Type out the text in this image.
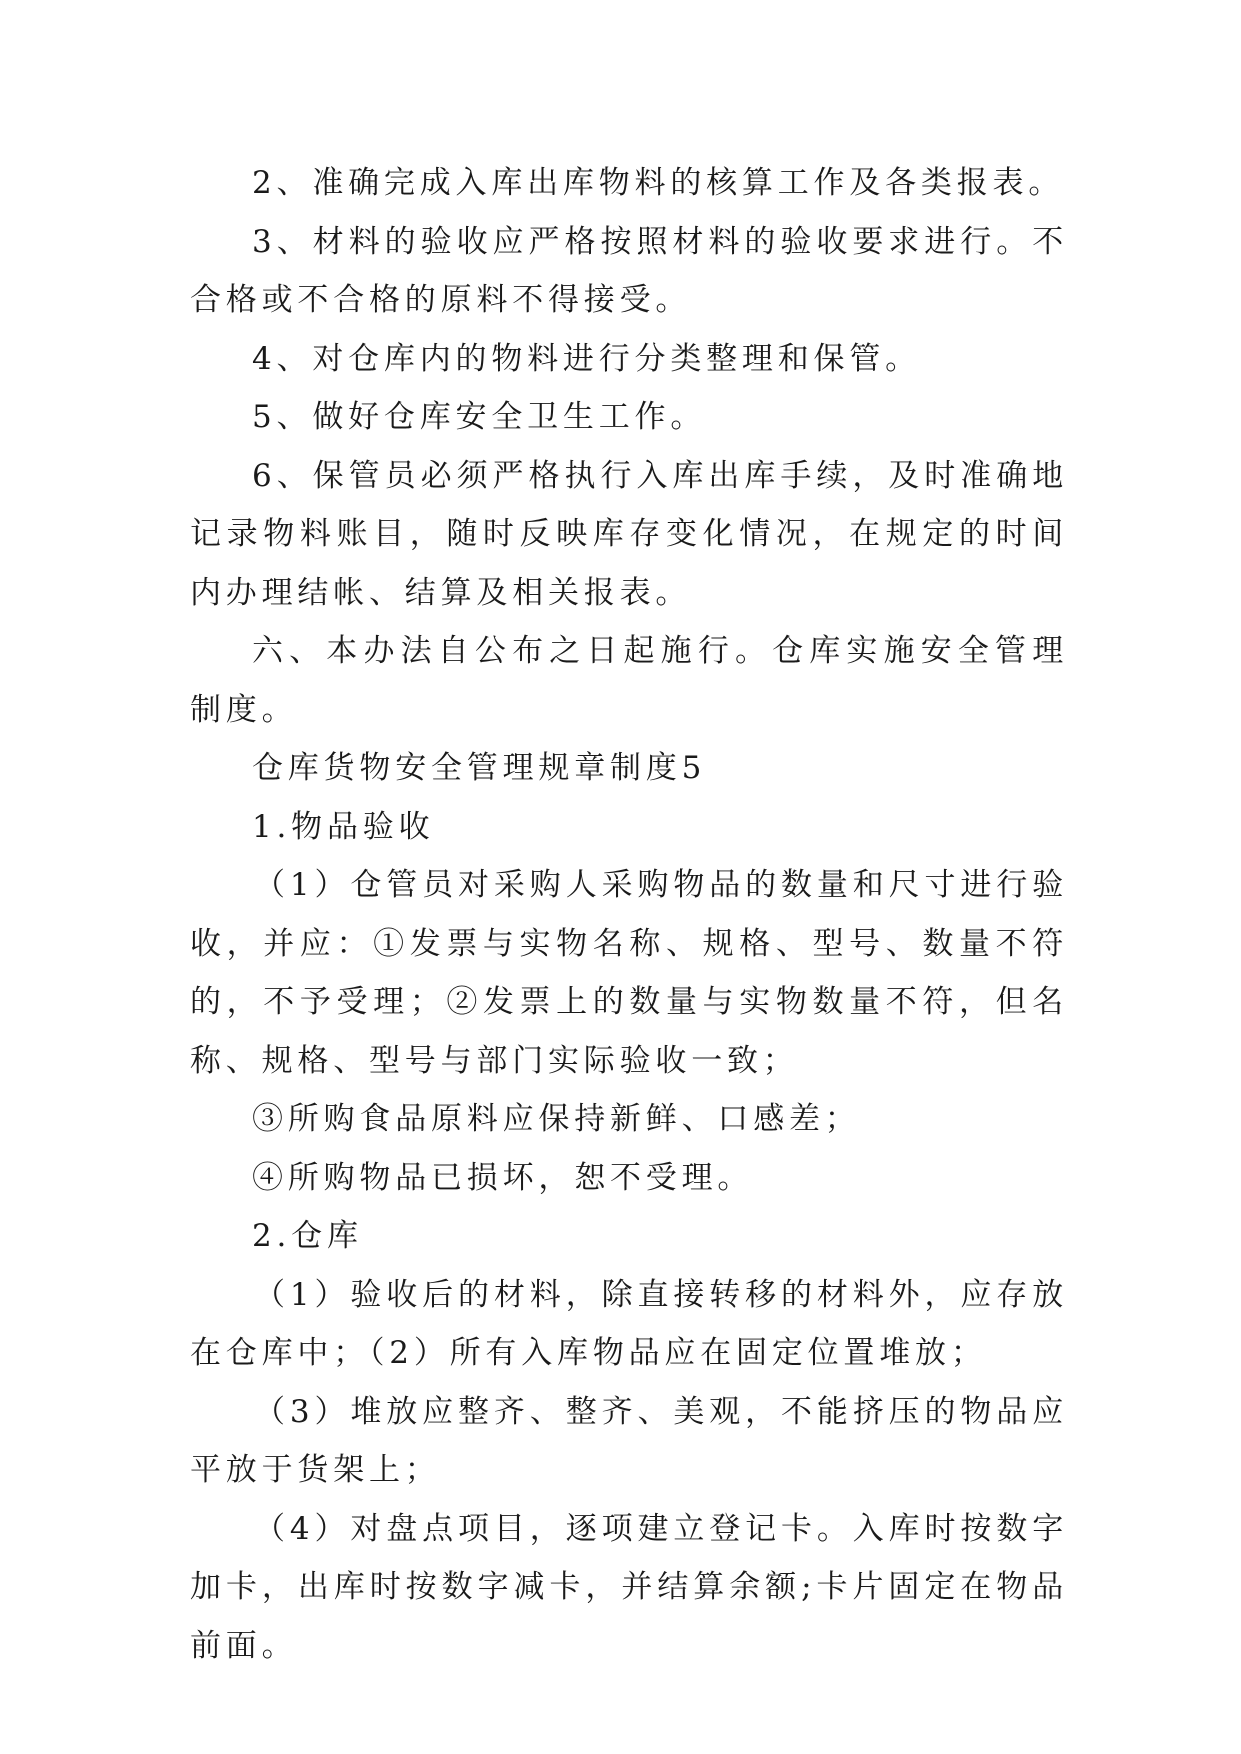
2、准确完成入库出库物料的核算工作及各类报表。

3、材料的验收应严格按照材料的验收要求进行。不合格或不合格的原料不得接受。

4、对仓库内的物料进行分类整理和保管。

5、做好仓库安全卫生工作。

6、保管员必须严格执行入库出库手续，及时准确地记录物料账目，随时反映库存变化情况，在规定的时间内办理结帐、结算及相关报表。

六、本办法自公布之日起施行。仓库实施安全管理制度。

仓库货物安全管理规章制度5

1.物品验收

（1）仓管员对采购人采购物品的数量和尺寸进行验收，并应：①发票与实物名称、规格、型号、数量不符的，不予受理；②发票上的数量与实物数量不符，但名称、规格、型号与部门实际验收一致；

③所购食品原料应保持新鲜、口感差；

④所购物品已损坏，恕不受理。

2.仓库

（1）验收后的材料，除直接转移的材料外，应存放在仓库中；（2）所有入库物品应在固定位置堆放；

（3）堆放应整齐、整齐、美观，不能挤压的物品应平放于货架上；

（4）对盘点项目，逐项建立登记卡。入库时按数字加卡，出库时按数字减卡，并结算余额;卡片固定在物品前面。
